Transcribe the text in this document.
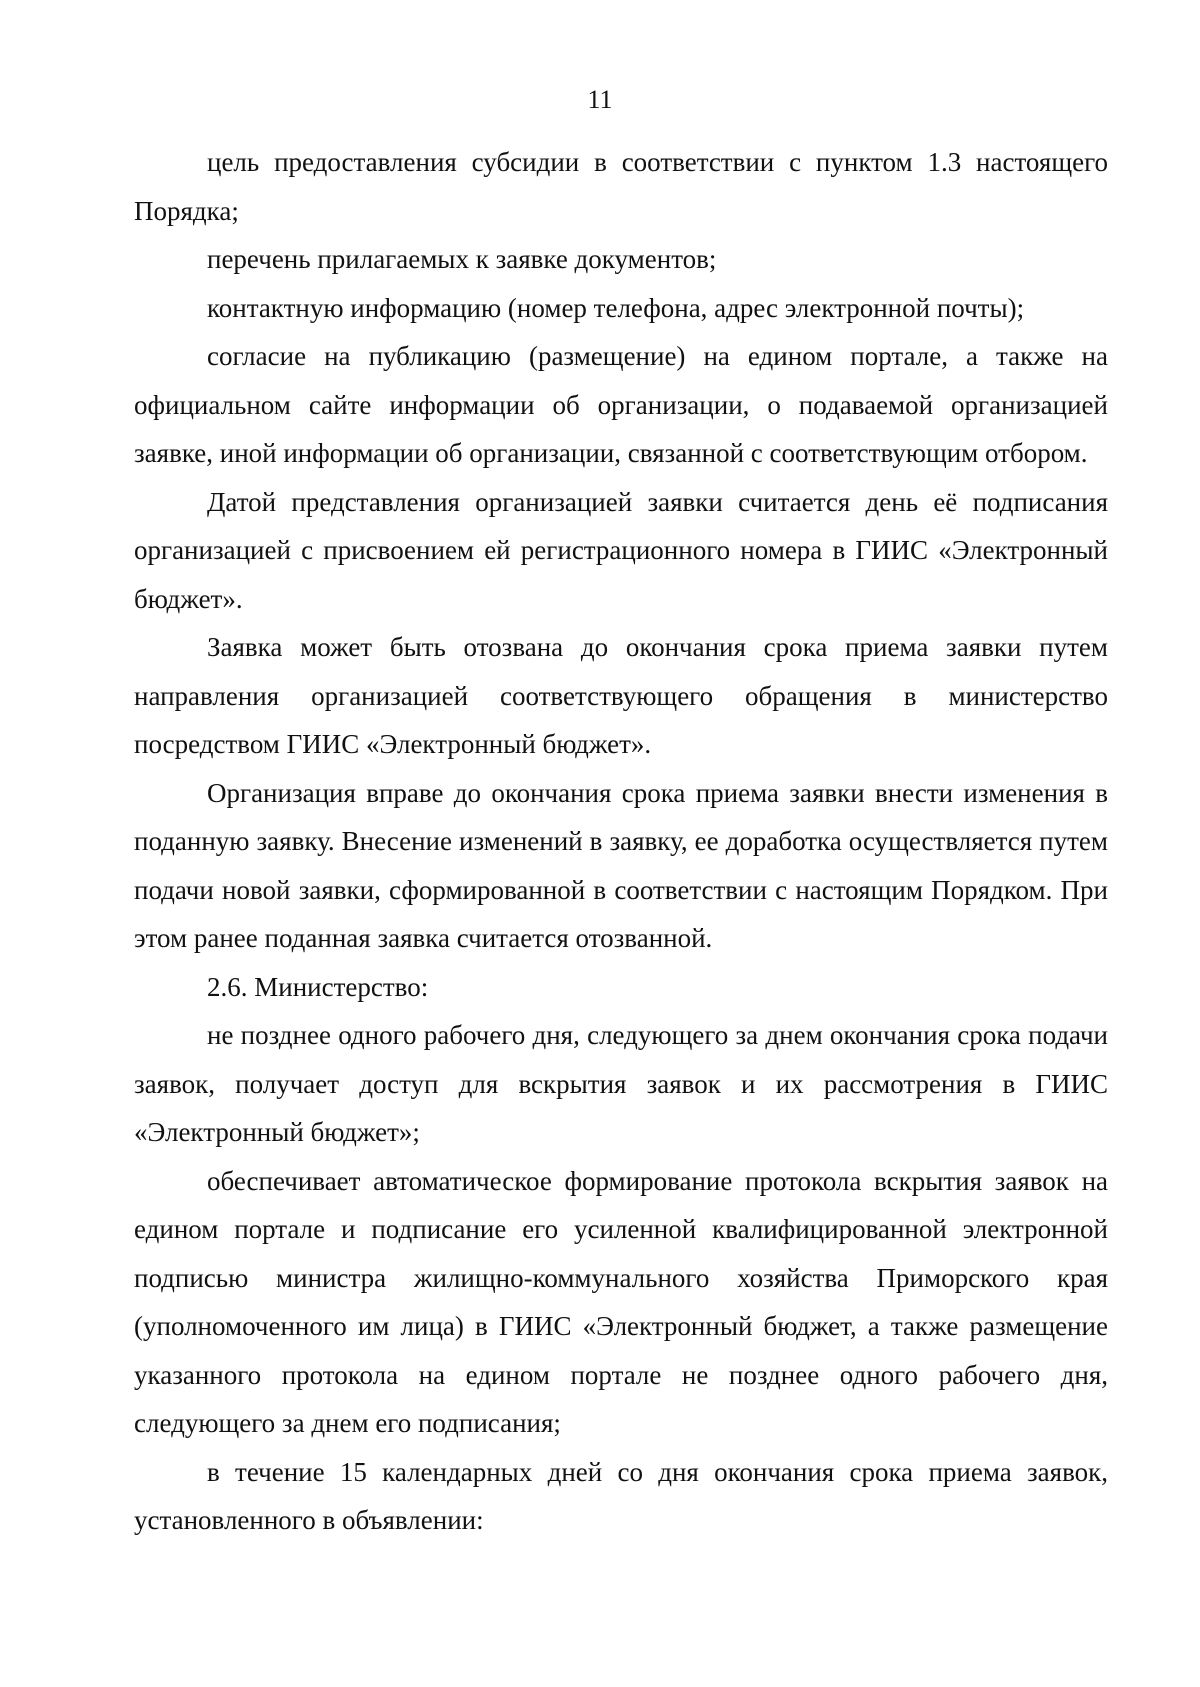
11

цель предоставления субсидии в соответствии с пунктом 1.3 настоящего Порядка;

перечень прилагаемых к заявке документов;

контактную информацию (номер телефона, адрес электронной почты);

согласие на публикацию (размещение) на едином портале, а также на официальном сайте информации об организации, о подаваемой организацией заявке, иной информации об организации, связанной с соответствующим отбором.

Датой представления организацией заявки считается день её подписания организацией с присвоением ей регистрационного номера в ГИИС «Электронный бюджет».

Заявка может быть отозвана до окончания срока приема заявки путем направления организацией соответствующего обращения в министерство посредством ГИИС «Электронный бюджет».

Организация вправе до окончания срока приема заявки внести изменения в поданную заявку. Внесение изменений в заявку, ее доработка осуществляется путем подачи новой заявки, сформированной в соответствии с настоящим Порядком. При этом ранее поданная заявка считается отозванной.

2.6. Министерство:

не позднее одного рабочего дня, следующего за днем окончания срока подачи заявок, получает доступ для вскрытия заявок и их рассмотрения в ГИИС «Электронный бюджет»;

обеспечивает автоматическое формирование протокола вскрытия заявок на едином портале и подписание его усиленной квалифицированной электронной подписью министра жилищно-коммунального хозяйства Приморского края (уполномоченного им лица) в ГИИС «Электронный бюджет, а также размещение указанного протокола на едином портале не позднее одного рабочего дня, следующего за днем его подписания;

в течение 15 календарных дней со дня окончания срока приема заявок, установленного в объявлении:
